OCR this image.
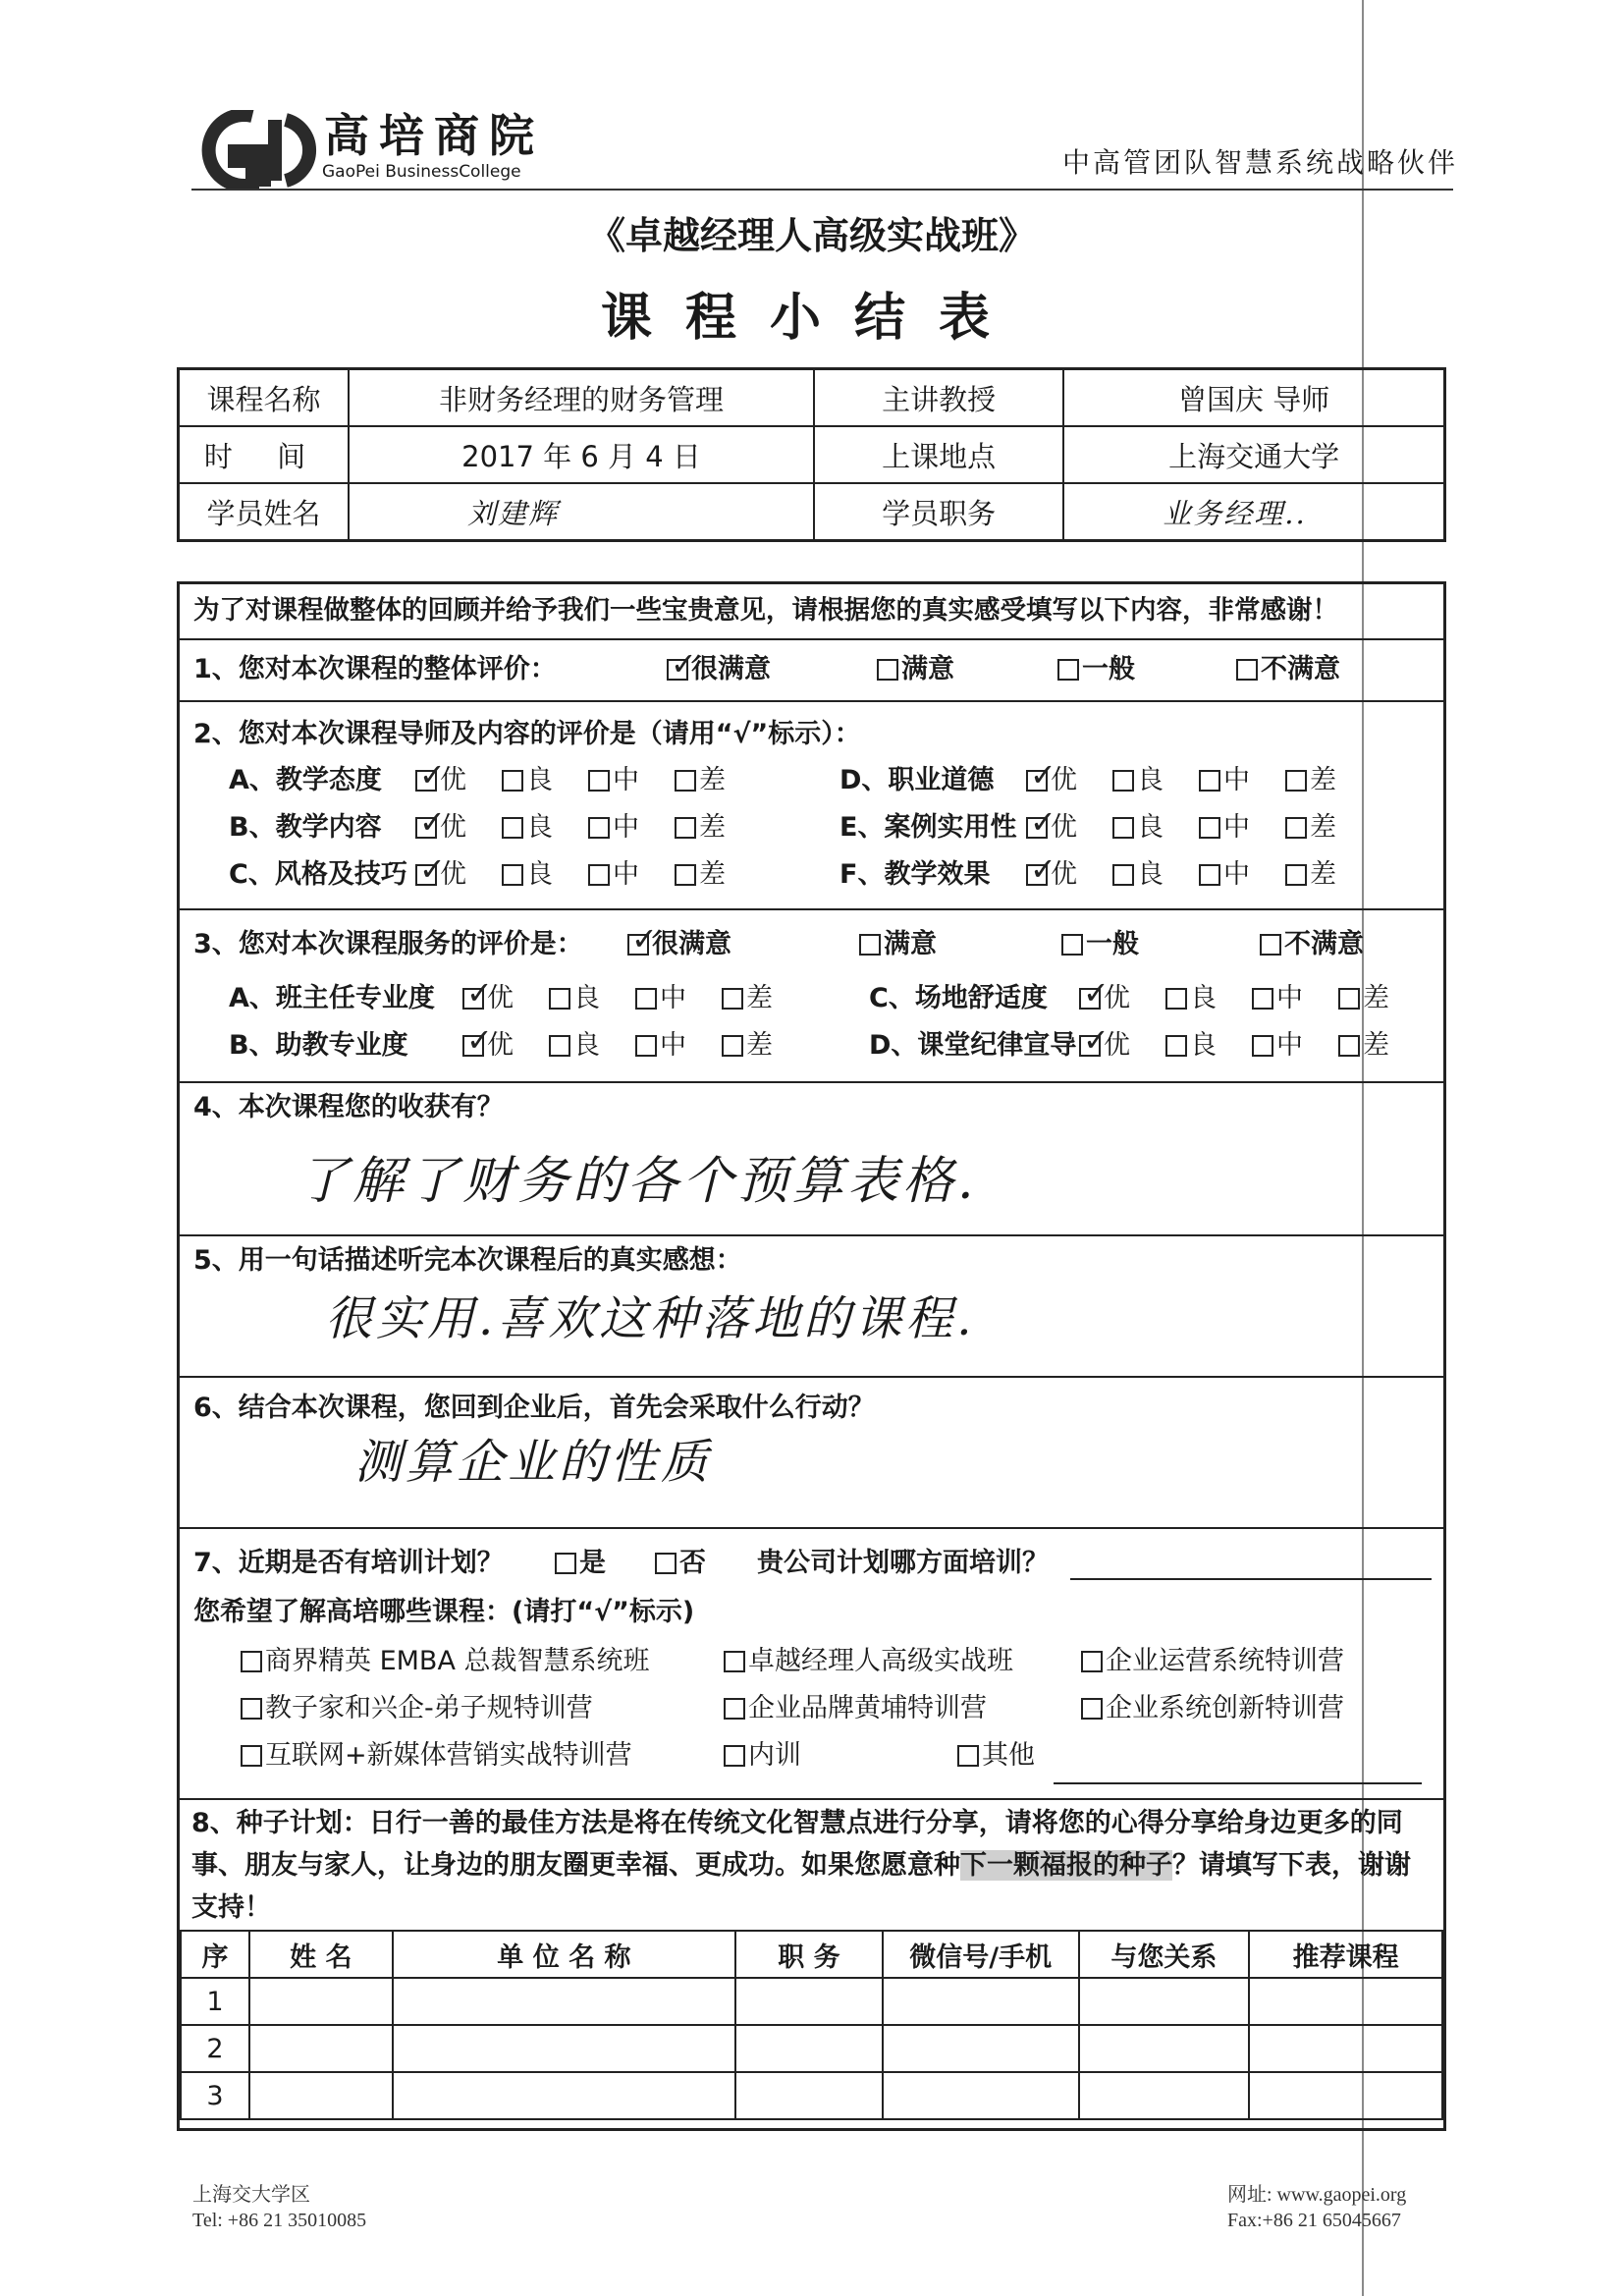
高培商院
GaoPei BusinessCollege	中高管团队智慧系统战略伙伴
《卓越经理人高级实战班》
课程小结表
课程名称	非财务经理的财务管理	主讲教授	曾国庆 导师
时 间	2017 年 6 月 4 日	上课地点	上海交通大学
学员姓名	刘建辉	学员职务	业务经理..
为了对课程做整体的回顾并给予我们一些宝贵意见，请根据您的真实感受填写以下内容，非常感谢！
1、您对本次课程的整体评价： ✓	很满意	满意	一般	不满意
2、您对本次课程导师及内容的评价是（请用“√”标示）：
A、教学态度 ✓	优	良	中	差
B、教学内容 ✓	优	良	中	差
C、风格及技巧 ✓	优	良	中	差
D、职业道德 ✓	优	良	中	差
E、案例实用性 ✓	优	良	中	差
F、教学效果 ✓	优	良	中	差
3、您对本次课程服务的评价是： ✓	很满意	满意	一般	不满意
A、班主任专业度 ✓	优	良	中	差
B、助教专业度 ✓	优	良	中	差
C、场地舒适度 ✓	优	良	中	差
D、课堂纪律宣导 ✓	优	良	中	差
4、本次课程您的收获有？
了解了财务的各个预算表格.
5、用一句话描述听完本次课程后的真实感想：
很实用.喜欢这种落地的课程.
6、结合本次课程，您回到企业后，首先会采取什么行动？
测算企业的性质
7、近期是否有培训计划？	是	否 贵公司计划哪方面培训？
您希望了解高培哪些课程：(请打“√”标示)
商界精英 EMBA 总裁智慧系统班	卓越经理人高级实战班	企业运营系统特训营
教子家和兴企-弟子规特训营	企业品牌黄埔特训营	企业系统创新特训营
互联网+新媒体营销实战特训营	内训	其他
8、种子计划：日行一善的最佳方法是将在传统文化智慧点进行分享，请将您的心得分享给身边更多的同事、朋友与家人，让身边的朋友圈更幸福、更成功。如果您愿意种下一颗福报的种子？请填写下表，谢谢支持！
序	姓 名	单 位 名 称	职 务	微信号/手机	与您关系	推荐课程
1						
2						
3						
上海交大学区
Tel: +86 21 35010085
网址: www.gaopei.org
Fax:+86 21 65045667
